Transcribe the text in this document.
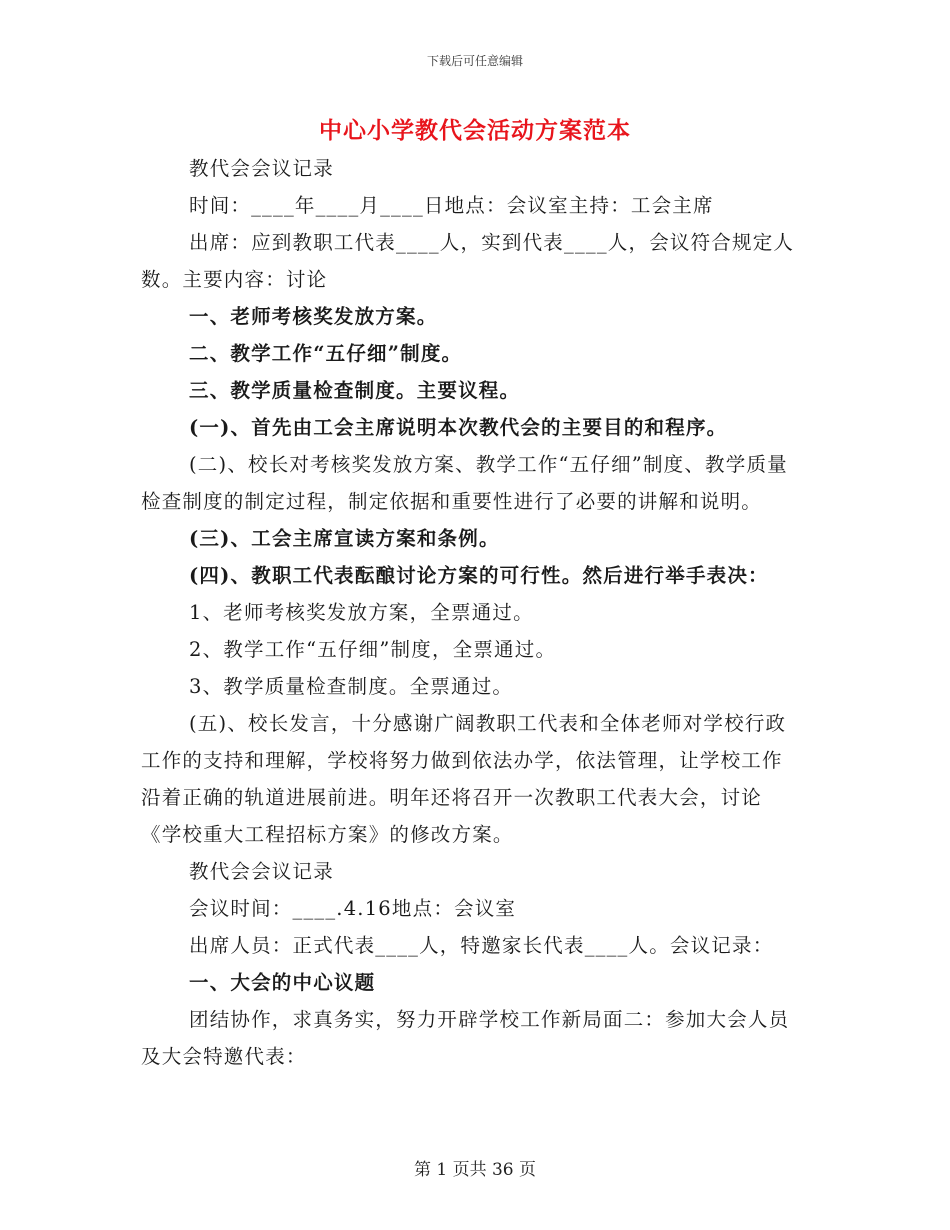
下载后可任意编辑
中心小学教代会活动方案范本

教代会会议记录

时间：____年____月____日地点：会议室主持：工会主席

出席：应到教职工代表____人，实到代表____人，会议符合规定人数。主要内容：讨论

一、老师考核奖发放方案。

二、教学工作“五仔细”制度。

三、教学质量检查制度。主要议程。

(一)、首先由工会主席说明本次教代会的主要目的和程序。

(二)、校长对考核奖发放方案、教学工作“五仔细”制度、教学质量检查制度的制定过程，制定依据和重要性进行了必要的讲解和说明。

(三)、工会主席宣读方案和条例。

(四)、教职工代表酝酿讨论方案的可行性。然后进行举手表决：

1、老师考核奖发放方案，全票通过。

2、教学工作“五仔细”制度，全票通过。

3、教学质量检查制度。全票通过。

(五)、校长发言，十分感谢广阔教职工代表和全体老师对学校行政工作的支持和理解，学校将努力做到依法办学，依法管理，让学校工作沿着正确的轨道进展前进。明年还将召开一次教职工代表大会，讨论《学校重大工程招标方案》的修改方案。

教代会会议记录

会议时间：____.4.16地点：会议室

出席人员：正式代表____人，特邀家长代表____人。会议记录：

一、大会的中心议题

团结协作，求真务实，努力开辟学校工作新局面二：参加大会人员及大会特邀代表：

第 1 页共 36 页
